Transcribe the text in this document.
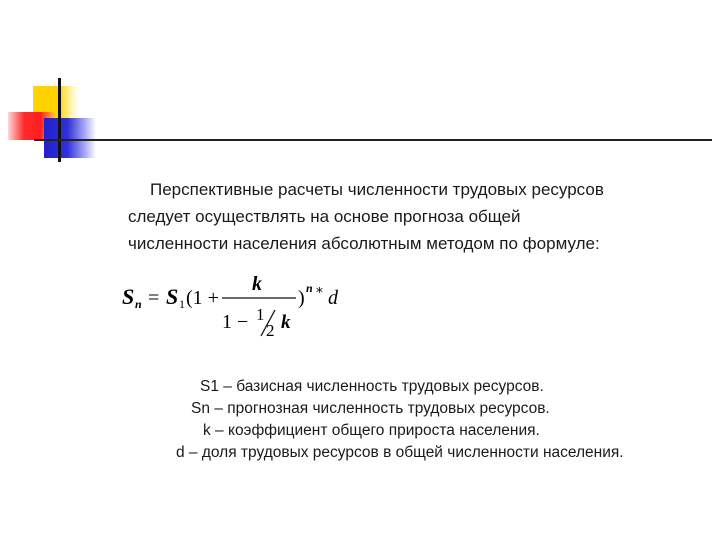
Перспективные расчеты численности трудовых ресурсов
следует осуществлять на основе прогноза общей
численности населения абсолютным методом по формуле:

S n = S 1 (1 +
k
1 − 1
2 k
) n ∗ d
S1 – базисная численность трудовых ресурсов.
Sn – прогнозная численность трудовых ресурсов.
k – коэффициент общего прироста населения.
d – доля трудовых ресурсов в общей численности населения.
